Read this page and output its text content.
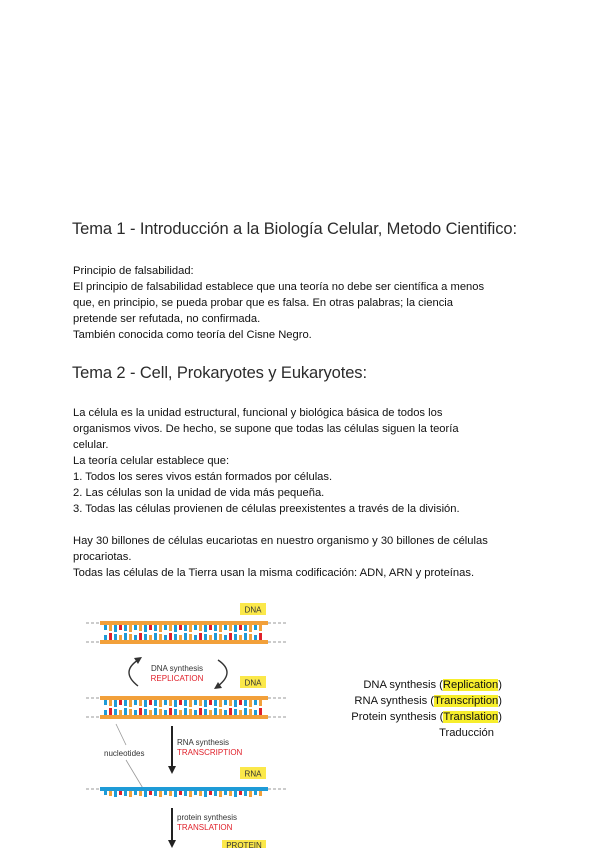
Tema 1 - Introducción a la Biología Celular, Metodo Cientifico:
Principio de falsabilidad:
El principio de falsabilidad establece que una teoría no debe ser científica a menos
que, en principio, se pueda probar que es falsa. En otras palabras; la ciencia
pretende ser refutada, no confirmada.
También conocida como teoría del Cisne Negro.
Tema 2 - Cell, Prokaryotes y Eukaryotes:
La célula es la unidad estructural, funcional y biológica básica de todos los
organismos vivos. De hecho, se supone que todas las células siguen la teoría
celular.
La teoría celular establece que:
1. Todos los seres vivos están formados por células.
2. Las células son la unidad de vida más pequeña.
3. Todas las células provienen de células preexistentes a través de la división.
Hay 30 billones de células eucariotas en nuestro organismo y 30 billones de células
procariotas.
Todas las células de la Tierra usan la misma codificación: ADN, ARN y proteínas.
DNA
DNA synthesis
REPLICATION	DNA
nucleotides
RNA synthesis
TRANSCRIPTION
RNA
protein synthesis
TRANSLATION
PROTEIN
DNA synthesis (Replication)
RNA synthesis (Transcription)
Protein synthesis (Translation)
Traducción
